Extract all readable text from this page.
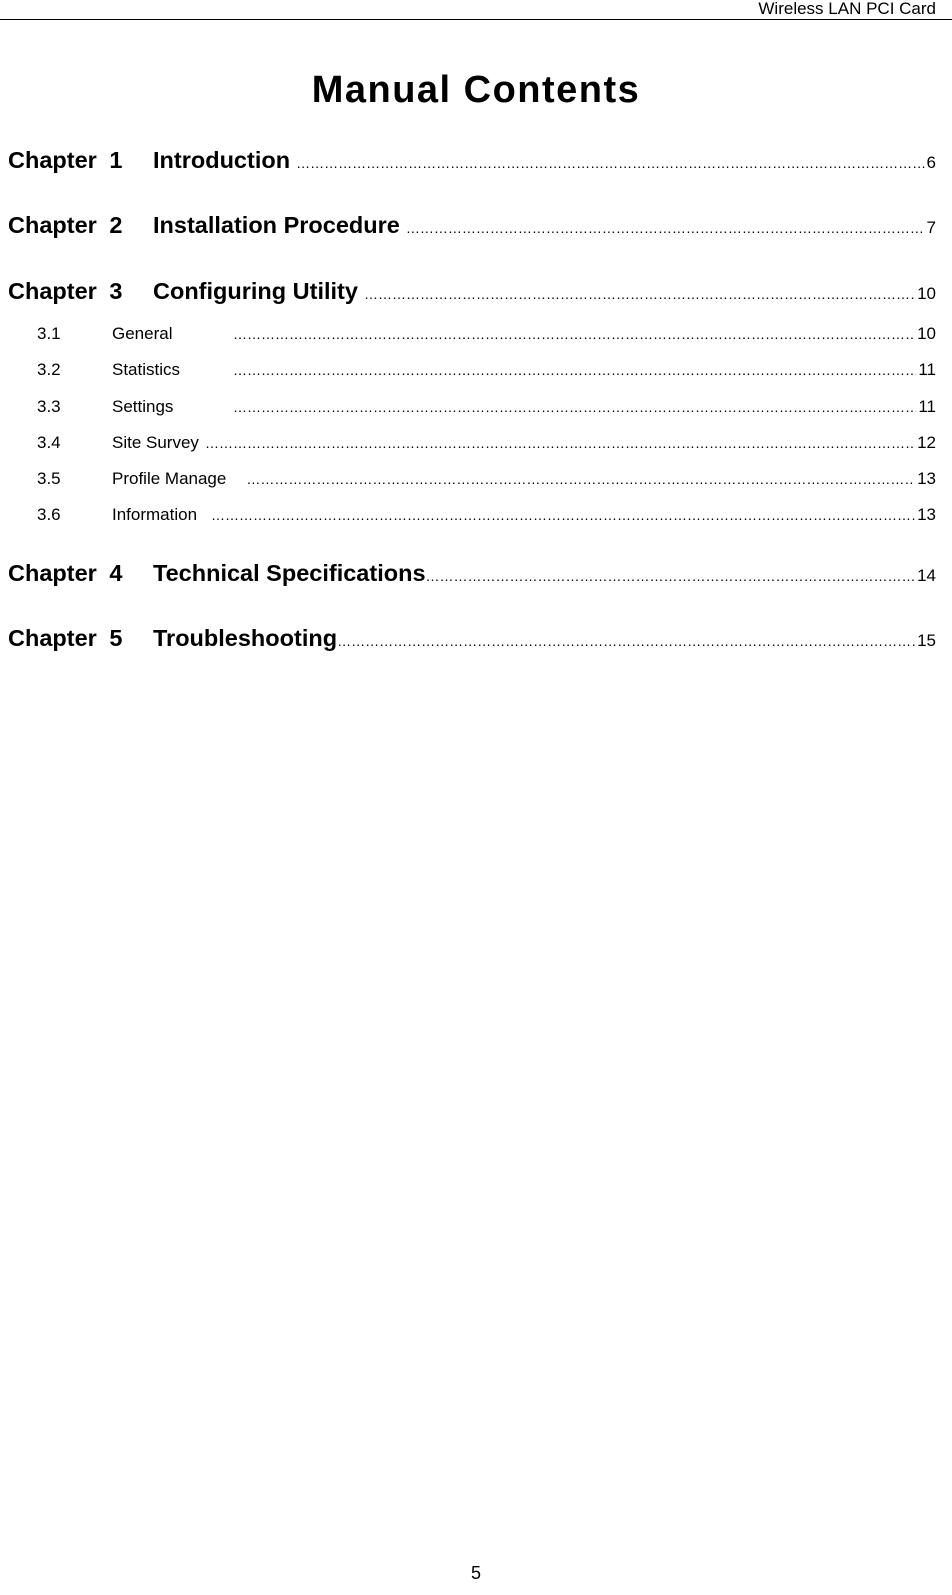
Wireless LAN PCI Card
Manual Contents
Chapter 1	Introduction ……………………………………………………………………………………………………………………………………………………………………………………………………………………	6
Chapter 2	Installation Procedure ……………………………………………………………………………………………………………………………………………………………………………………………………………………	7
Chapter 3	Configuring Utility ……………………………………………………………………………………………………………………………………………………………………………………………………………………	10
3.1	General ……………………………………………………………………………………………………………………………………………………………………………………………………………………	10
3.2	Statistics ……………………………………………………………………………………………………………………………………………………………………………………………………………………	11
3.3	Settings ……………………………………………………………………………………………………………………………………………………………………………………………………………………	11
3.4	Site Survey ……………………………………………………………………………………………………………………………………………………………………………………………………………………	12
3.5	Profile Manage ……………………………………………………………………………………………………………………………………………………………………………………………………………………	13
3.6	Information ……………………………………………………………………………………………………………………………………………………………………………………………………………………	13
Chapter 4	Technical Specifications ……………………………………………………………………………………………………………………………………………………………………………………………………………………	14
Chapter 5	Troubleshooting ……………………………………………………………………………………………………………………………………………………………………………………………………………………	15
5
